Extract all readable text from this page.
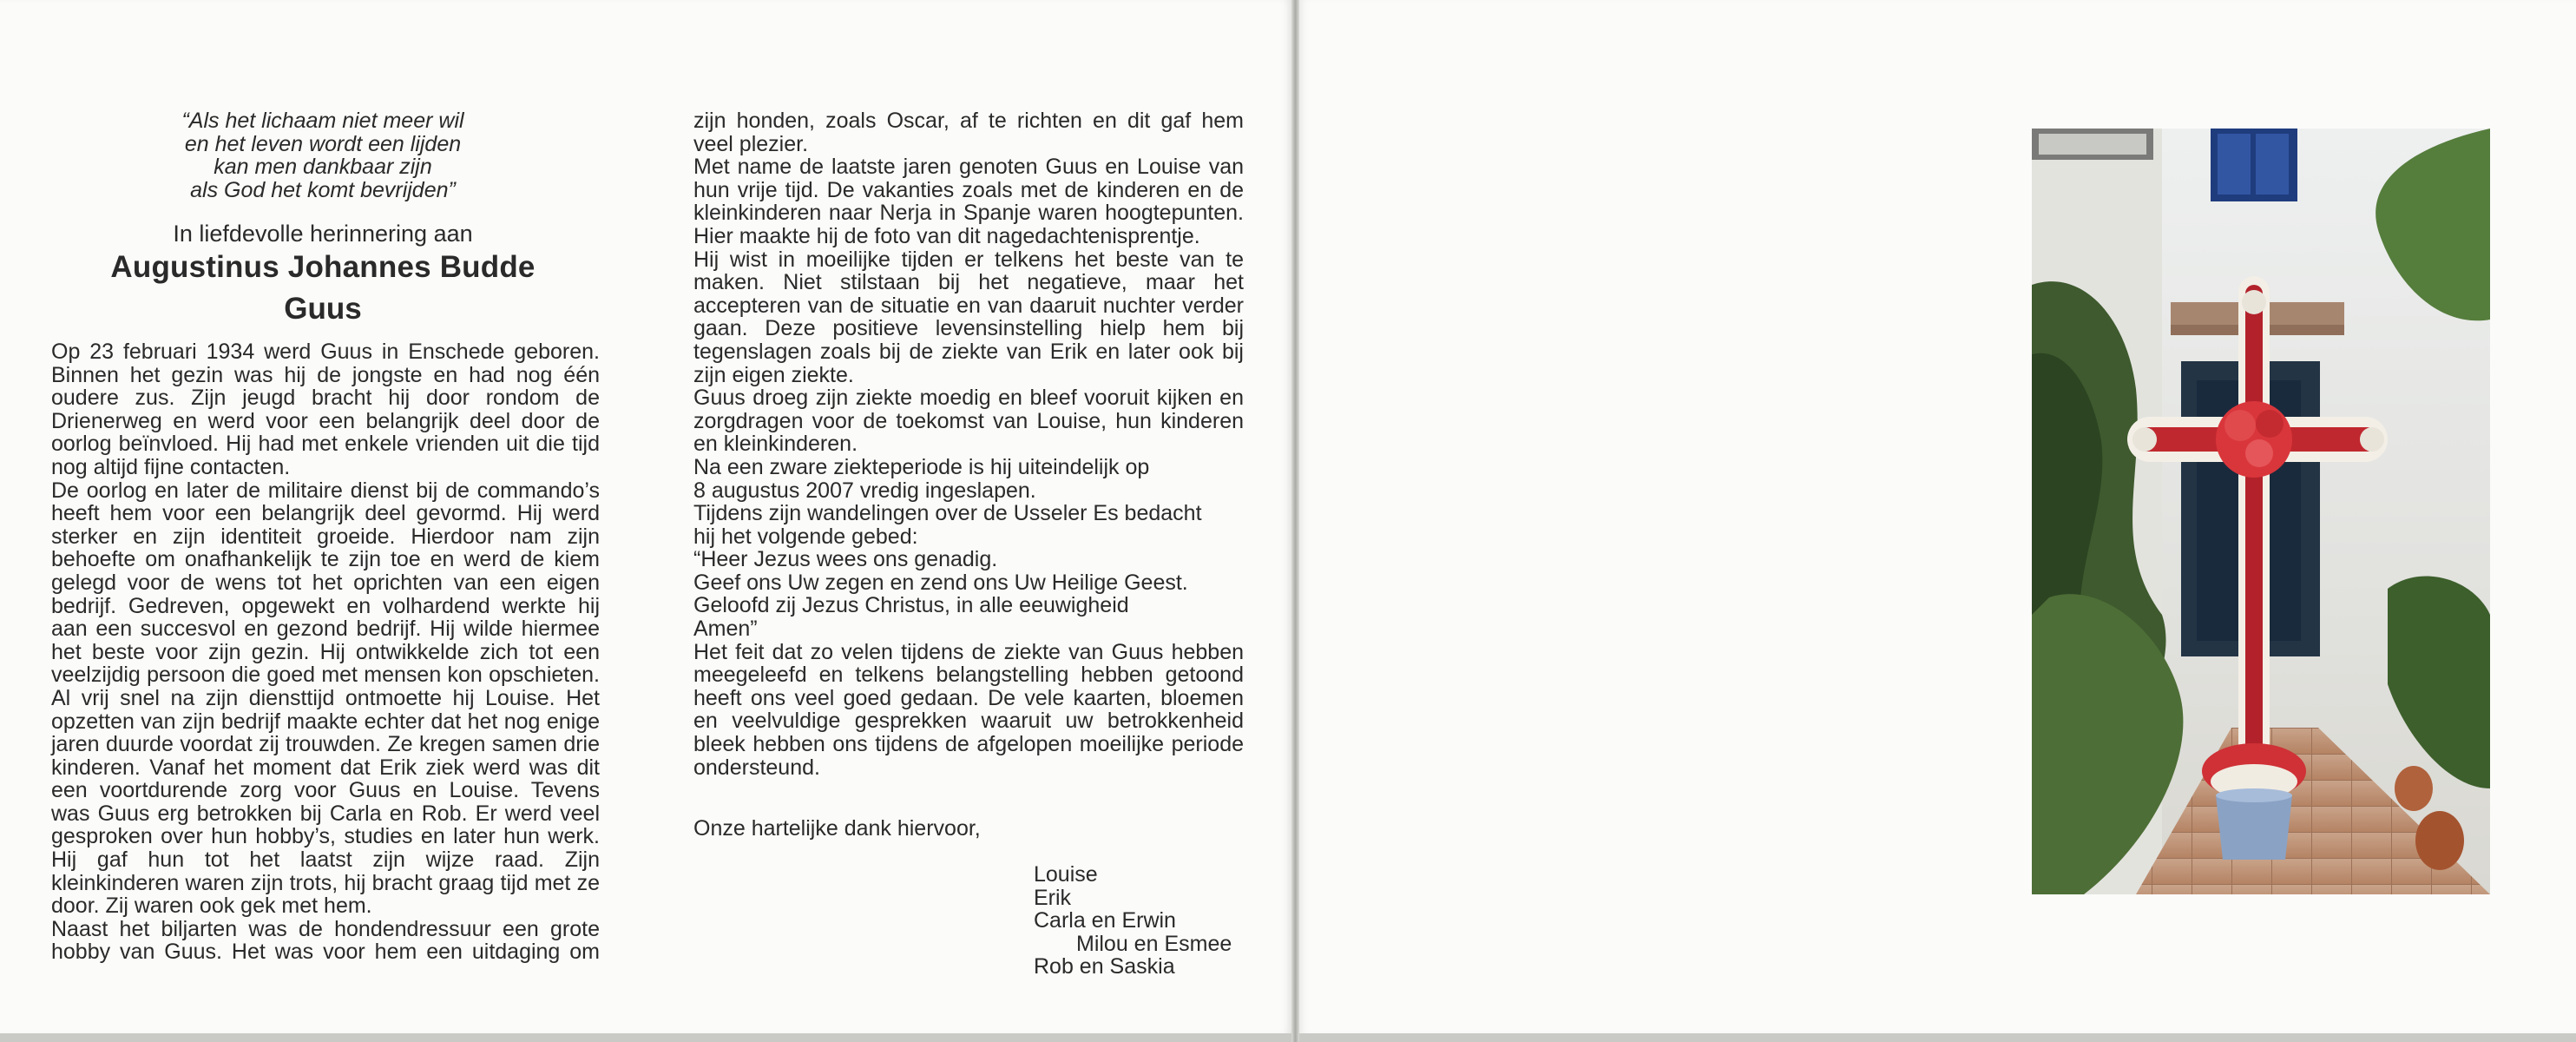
“Als het lichaam niet meer wil
en het leven wordt een lijden
kan men dankbaar zijn
als God het komt bevrijden”
In liefdevolle herinnering aan
Augustinus Johannes Budde
Guus

Op 23 februari 1934 werd Guus in Enschede geboren. Binnen het gezin was hij de jongste en had nog één oudere zus. Zijn jeugd bracht hij door rondom de Drienerweg en werd voor een belangrijk deel door de oorlog beïnvloed. Hij had met enkele vrienden uit die tijd nog altijd fijne contacten.

De oorlog en later de militaire dienst bij de commando’s heeft hem voor een belangrijk deel gevormd. Hij werd sterker en zijn identiteit groeide. Hierdoor nam zijn behoefte om onafhankelijk te zijn toe en werd de kiem gelegd voor de wens tot het oprichten van een eigen bedrijf. Gedreven, opgewekt en volhardend werkte hij aan een succesvol en gezond bedrijf. Hij wilde hiermee het beste voor zijn gezin. Hij ontwikkelde zich tot een veelzijdig persoon die goed met mensen kon opschieten. Al vrij snel na zijn diensttijd ontmoette hij Louise. Het opzetten van zijn bedrijf maakte echter dat het nog enige jaren duurde voordat zij trouwden. Ze kregen samen drie kinderen. Vanaf het moment dat Erik ziek werd was dit een voortdurende zorg voor Guus en Louise. Tevens was Guus erg betrokken bij Carla en Rob. Er werd veel gesproken over hun hobby’s, studies en later hun werk. Hij gaf hun tot het laatst zijn wijze raad. Zijn kleinkinderen waren zijn trots, hij bracht graag tijd met ze door. Zij waren ook gek met hem.

Naast het biljarten was de hondendressuur een grote hobby van Guus. Het was voor hem een uitdaging om

zijn honden, zoals Oscar, af te richten en dit gaf hem veel plezier.

Met name de laatste jaren genoten Guus en Louise van hun vrije tijd. De vakanties zoals met de kinderen en de kleinkinderen naar Nerja in Spanje waren hoogtepunten. Hier maakte hij de foto van dit nagedachtenisprentje.

Hij wist in moeilijke tijden er telkens het beste van te maken. Niet stilstaan bij het negatieve, maar het accepteren van de situatie en van daaruit nuchter verder gaan. Deze positieve levensinstelling hielp hem bij tegenslagen zoals bij de ziekte van Erik en later ook bij zijn eigen ziekte.

Guus droeg zijn ziekte moedig en bleef vooruit kijken en zorgdragen voor de toekomst van Louise, hun kinderen en kleinkinderen.

Na een zware ziekteperiode is hij uiteindelijk op
8 augustus 2007 vredig ingeslapen.

Tijdens zijn wandelingen over de Usseler Es bedacht
hij het volgende gebed:

“Heer Jezus wees ons genadig.
Geef ons Uw zegen en zend ons Uw Heilige Geest.
Geloofd zij Jezus Christus, in alle eeuwigheid
Amen”

Het feit dat zo velen tijdens de ziekte van Guus hebben meegeleefd en telkens belangstelling hebben getoond heeft ons veel goed gedaan. De vele kaarten, bloemen en veelvuldige gesprekken waaruit uw betrokkenheid bleek hebben ons tijdens de afgelopen moeilijke periode ondersteund.

Onze hartelijke dank hiervoor,
Louise
Erik
Carla en Erwin
Milou en Esmee
Rob en Saskia
